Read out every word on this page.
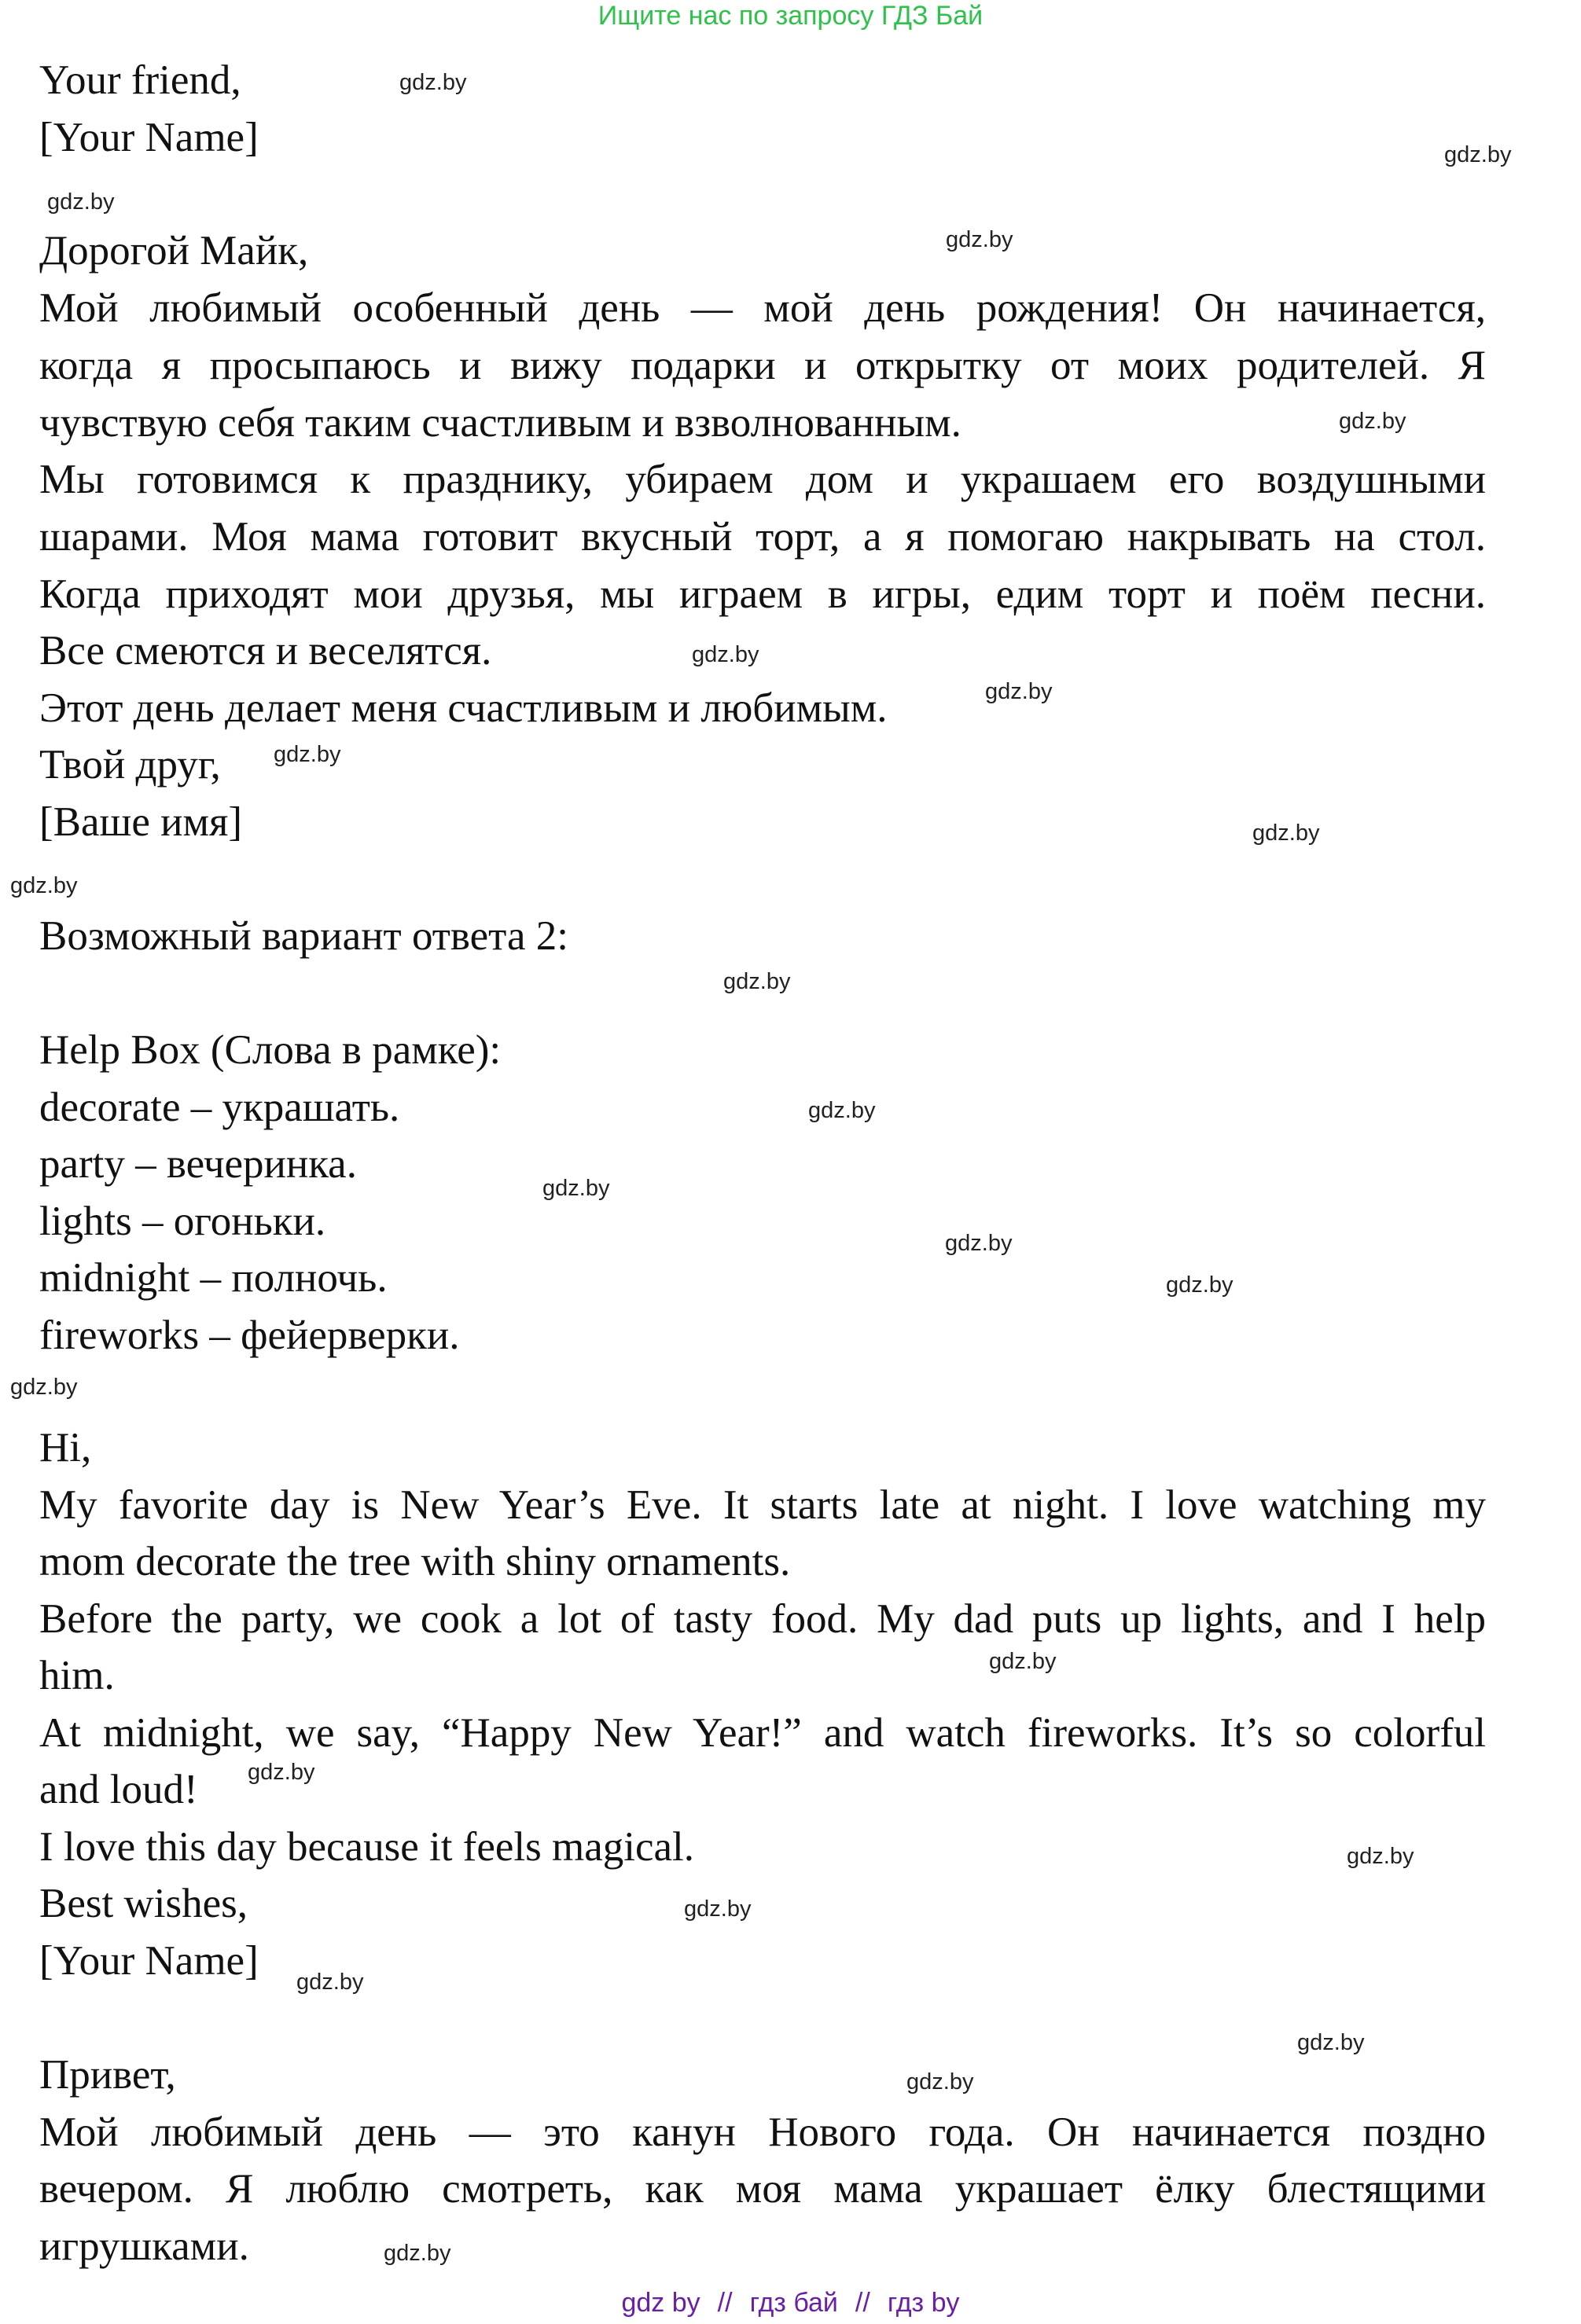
Ищите нас по запросу ГДЗ Бай
Your friend,
[Your Name]
Дорогой Майк,
Мой любимый особенный день — мой день рождения! Он начинается,
когда я просыпаюсь и вижу подарки и открытку от моих родителей. Я
чувствую себя таким счастливым и взволнованным.
Мы готовимся к празднику, убираем дом и украшаем его воздушными
шарами. Моя мама готовит вкусный торт, а я помогаю накрывать на стол.
Когда приходят мои друзья, мы играем в игры, едим торт и поём песни.
Все смеются и веселятся.
Этот день делает меня счастливым и любимым.
Твой друг,
[Ваше имя]
Возможный вариант ответа 2:
Help Box (Слова в рамке):
decorate – украшать.
party – вечеринка.
lights – огоньки.
midnight – полночь.
fireworks – фейерверки.
Hi,
My favorite day is New Year’s Eve. It starts late at night. I love watching my
mom decorate the tree with shiny ornaments.
Before the party, we cook a lot of tasty food. My dad puts up lights, and I help
him.
At midnight, we say, “Happy New Year!” and watch fireworks. It’s so colorful
and loud!
I love this day because it feels magical.
Best wishes,
[Your Name]
Привет,
Мой любимый день — это канун Нового года. Он начинается поздно
вечером. Я люблю смотреть, как моя мама украшает ёлку блестящими
игрушками.
gdz.by
gdz.by
gdz.by
gdz.by
gdz.by
gdz.by
gdz.by
gdz.by
gdz.by
gdz.by
gdz.by
gdz.by
gdz.by
gdz.by
gdz.by
gdz.by
gdz.by
gdz.by
gdz.by
gdz.by
gdz.by
gdz.by
gdz.by
gdz.by
gdz by // гдз бай // гдз by
